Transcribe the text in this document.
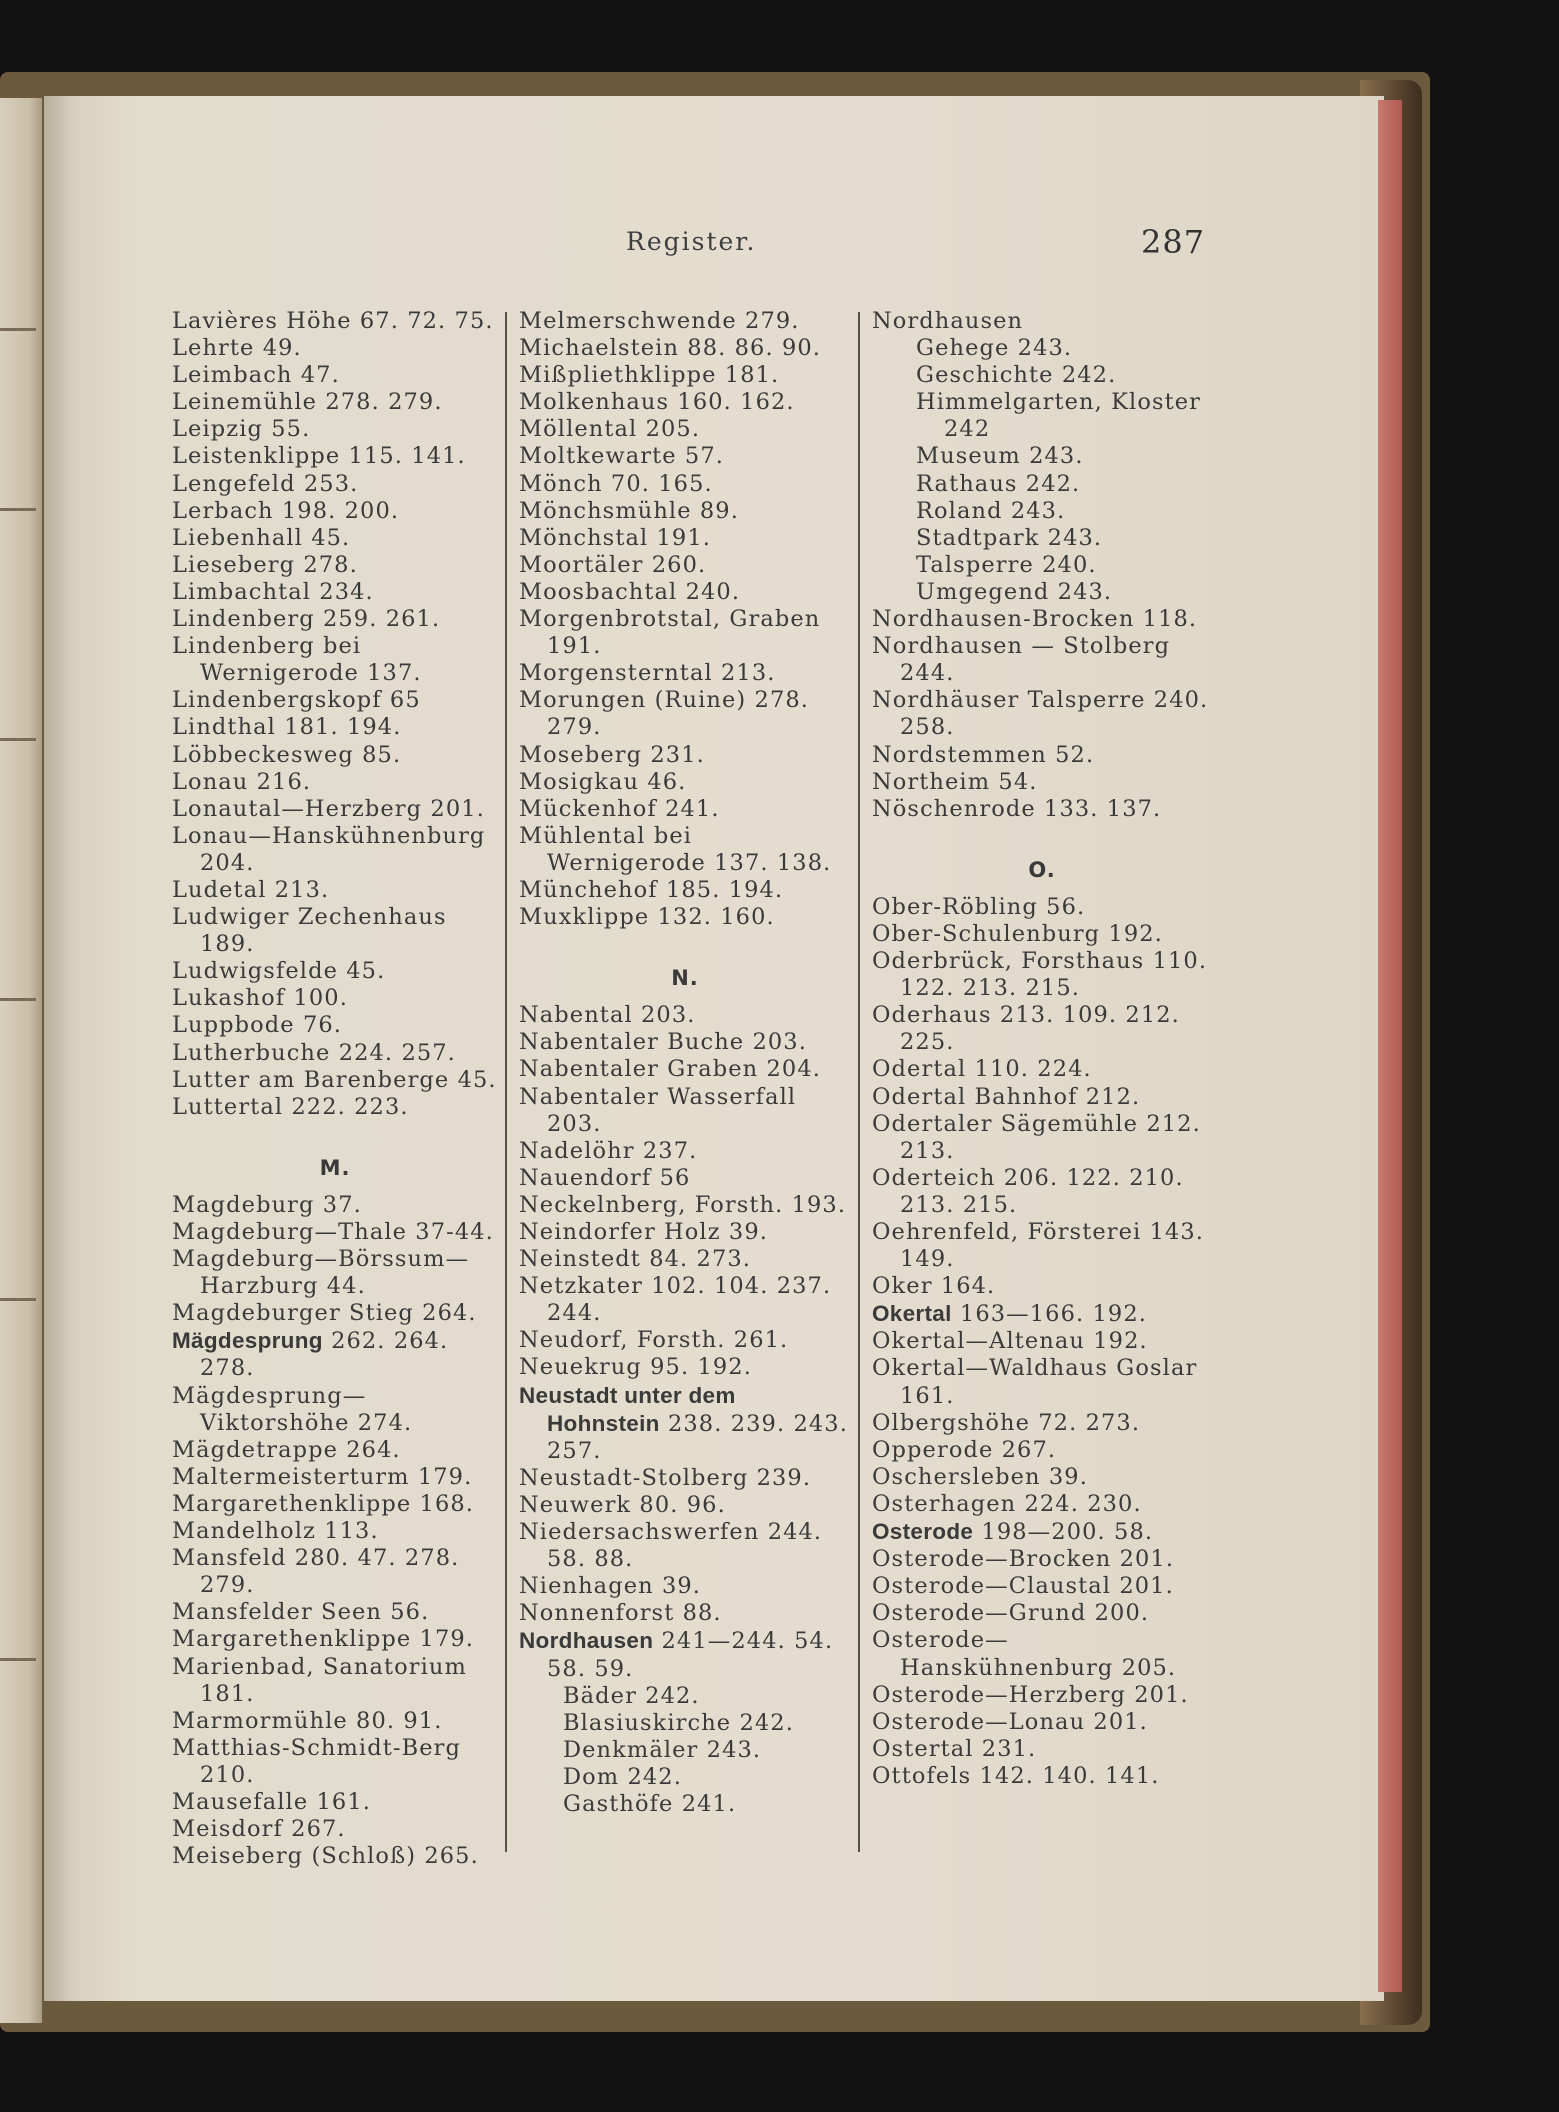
Register.	287
Lavières Höhe 67. 72. 75.
Lehrte 49.
Leimbach 47.
Leinemühle 278. 279.
Leipzig 55.
Leistenklippe 115. 141.
Lengefeld 253.
Lerbach 198. 200.
Liebenhall 45.
Lieseberg 278.
Limbachtal 234.
Lindenberg 259. 261.
Lindenberg bei Wernigerode 137.
Lindenbergskopf 65
Lindthal 181. 194.
Löbbeckesweg 85.
Lonau 216.
Lonautal—Herzberg 201.
Lonau—Hanskühnenburg 204.
Ludetal 213.
Ludwiger Zechenhaus 189.
Ludwigsfelde 45.
Lukashof 100.
Luppbode 76.
Lutherbuche 224. 257.
Lutter am Barenberge 45.
Luttertal 222. 223.
M.
Magdeburg 37.
Magdeburg—Thale 37-44.
Magdeburg—Börssum—Harzburg 44.
Magdeburger Stieg 264.
Mägdesprung 262. 264. 278.
Mägdesprung—Viktorshöhe 274.
Mägdetrappe 264.
Maltermeisterturm 179.
Margarethenklippe 168.
Mandelholz 113.
Mansfeld 280. 47. 278. 279.
Mansfelder Seen 56.
Margarethenklippe 179.
Marienbad, Sanatorium 181.
Marmormühle 80. 91.
Matthias-Schmidt-Berg 210.
Mausefalle 161.
Meisdorf 267.
Meiseberg (Schloß) 265.
Melmerschwende 279.
Michaelstein 88. 86. 90.
Mißpliethklippe 181.
Molkenhaus 160. 162.
Möllental 205.
Moltkewarte 57.
Mönch 70. 165.
Mönchsmühle 89.
Mönchstal 191.
Moortäler 260.
Moosbachtal 240.
Morgenbrotstal, Graben 191.
Morgensterntal 213.
Morungen (Ruine) 278. 279.
Moseberg 231.
Mosigkau 46.
Mückenhof 241.
Mühlental bei Wernigerode 137. 138.
Münchehof 185. 194.
Muxklippe 132. 160.
N.
Nabental 203.
Nabentaler Buche 203.
Nabentaler Graben 204.
Nabentaler Wasserfall 203.
Nadelöhr 237.
Nauendorf 56
Neckelnberg, Forsth. 193.
Neindorfer Holz 39.
Neinstedt 84. 273.
Netzkater 102. 104. 237. 244.
Neudorf, Forsth. 261.
Neuekrug 95. 192.
Neustadt unter dem Hohnstein 238. 239. 243. 257.
Neustadt-Stolberg 239.
Neuwerk 80. 96.
Niedersachswerfen 244. 58. 88.
Nienhagen 39.
Nonnenforst 88.
Nordhausen 241—244. 54. 58. 59.
Bäder 242.
Blasiuskirche 242.
Denkmäler 243.
Dom 242.
Gasthöfe 241.
Nordhausen
Gehege 243.
Geschichte 242.
Himmelgarten, Kloster 242
Museum 243.
Rathaus 242.
Roland 243.
Stadtpark 243.
Talsperre 240.
Umgegend 243.
Nordhausen-Brocken 118.
Nordhausen — Stolberg 244.
Nordhäuser Talsperre 240. 258.
Nordstemmen 52.
Northeim 54.
Nöschenrode 133. 137.
O.
Ober-Röbling 56.
Ober-Schulenburg 192.
Oderbrück, Forsthaus 110. 122. 213. 215.
Oderhaus 213. 109. 212. 225.
Odertal 110. 224.
Odertal Bahnhof 212.
Odertaler Sägemühle 212. 213.
Oderteich 206. 122. 210. 213. 215.
Oehrenfeld, Försterei 143. 149.
Oker 164.
Okertal 163—166. 192.
Okertal—Altenau 192.
Okertal—Waldhaus Goslar 161.
Olbergshöhe 72. 273.
Opperode 267.
Oschersleben 39.
Osterhagen 224. 230.
Osterode 198—200. 58.
Osterode—Brocken 201.
Osterode—Claustal 201.
Osterode—Grund 200.
Osterode—Hanskühnenburg 205.
Osterode—Herzberg 201.
Osterode—Lonau 201.
Ostertal 231.
Ottofels 142. 140. 141.
